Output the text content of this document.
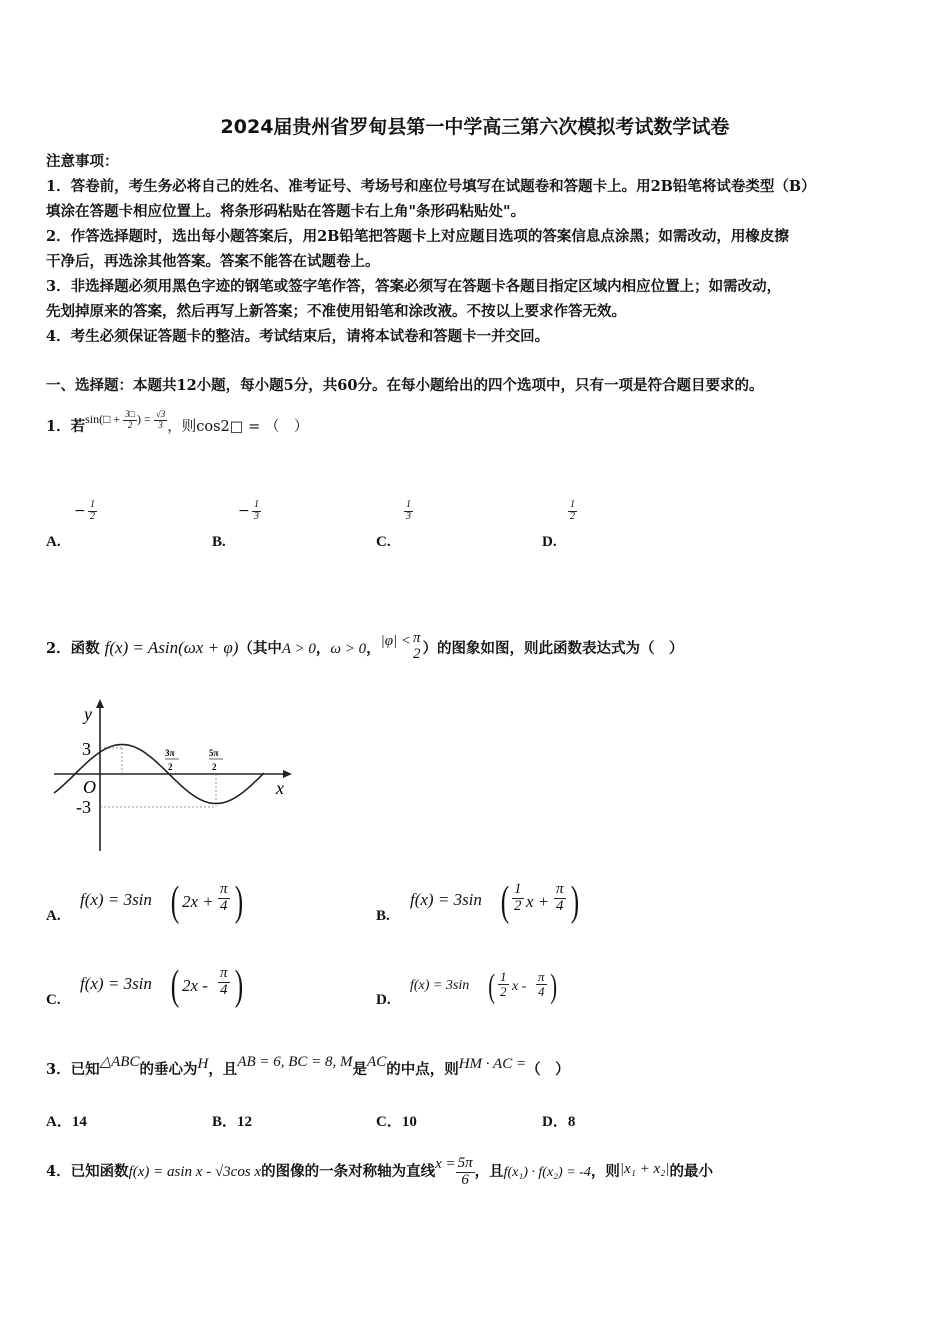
2024届贵州省罗甸县第一中学高三第六次模拟考试数学试卷
注意事项：
1．答卷前，考生务必将自己的姓名、准考证号、考场号和座位号填写在试题卷和答题卡上。用2B铅笔将试卷类型（B）
填涂在答题卡相应位置上。将条形码粘贴在答题卡右上角"条形码粘贴处"。
2．作答选择题时，选出每小题答案后，用2B铅笔把答题卡上对应题目选项的答案信息点涂黑；如需改动，用橡皮擦
干净后，再选涂其他答案。答案不能答在试题卷上。
3．非选择题必须用黑色字迹的钢笔或签字笔作答，答案必须写在答题卡各题目指定区域内相应位置上；如需改动，
先划掉原来的答案，然后再写上新答案；不准使用铅笔和涂改液。不按以上要求作答无效。
4．考生必须保证答题卡的整洁。考试结束后，请将本试卷和答题卡一并交回。
一、选择题：本题共12小题，每小题5分，共60分。在每小题给出的四个选项中，只有一项是符合题目要求的。
1．若$^{sin(□ + \frac{3□}{2} ) = \frac{√3}{3}}$ ，则cos2□ = （　）
− $\frac{1}{2}$
A.
− $\frac{1}{3}$
B.
$\frac{1}{3}$
C.
$\frac{1}{2}$
D.
2．函数 f(x) = Asin(ωx + φ)（其中A > 0，ω > 0，|φ| < π
2 ）的图象如图，则此函数表达式为（　）
y
x
O
3
-3
3π
2
5π
2
A.
f(x) = 3sin ( $2x + \frac{\pi}{4}$ )	B.
f(x) = 3sin ( $\frac{1}{2}$ $x + \frac{\pi}{4}$ )
C.
f(x) = 3sin ( $2x - \frac{\pi}{4}$ )	D.
f(x) = 3sin ( $\frac{1}{2}$ x - $\frac{\pi}{4}$ )
3．已知△ABC的垂心为H，且AB = 6, BC = 8, M是AC的中点，则HM · AC =（　）
A．14	B．12	C．10	D．8
4．已知函数f(x) = asin x - √3cos x的图像的一条对称轴为直线$x = \frac{5\pi}{6}$ ，且f(x₁) · f(x₂) = -4，则|x₁ + x₂|的最小
